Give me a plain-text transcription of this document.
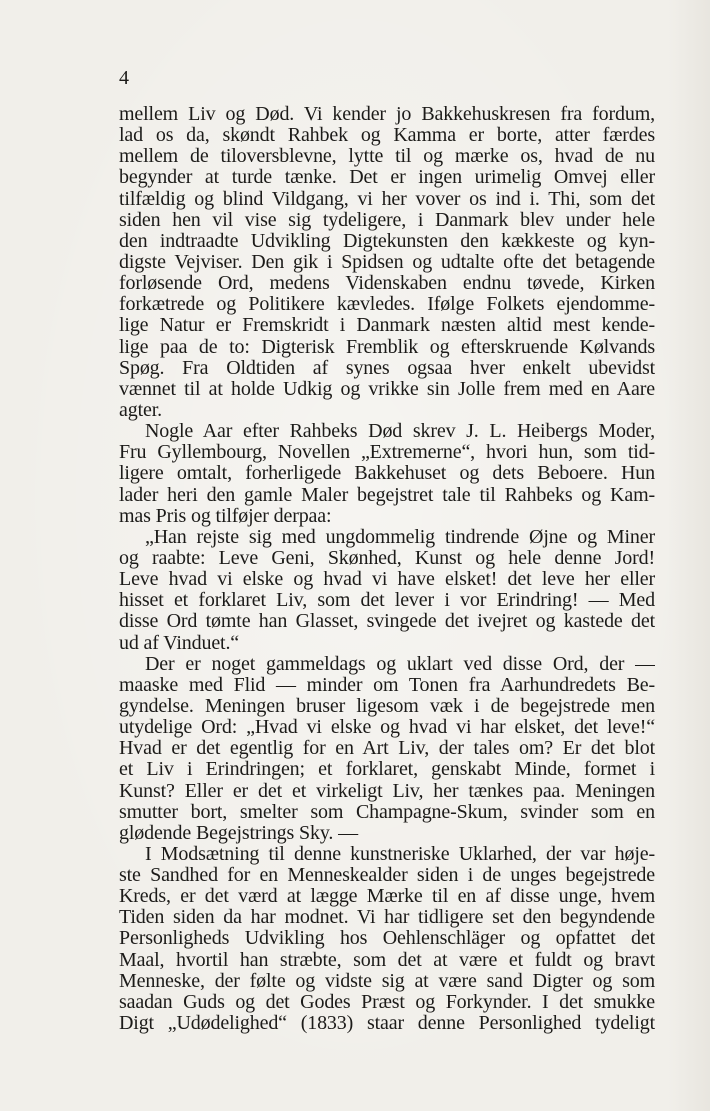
4

mellem Liv og Død. Vi kender jo Bakkehuskresen fra fordum,
lad os da, skøndt Rahbek og Kamma er borte, atter færdes
mellem de tiloversblevne, lytte til og mærke os, hvad de nu
begynder at turde tænke. Det er ingen urimelig Omvej eller
tilfældig og blind Vildgang, vi her vover os ind i. Thi, som det
siden hen vil vise sig tydeligere, i Danmark blev under hele
den indtraadte Udvikling Digtekunsten den kækkeste og kyn-
digste Vejviser. Den gik i Spidsen og udtalte ofte det betagende
forløsende Ord, medens Videnskaben endnu tøvede, Kirken
forkætrede og Politikere kævledes. Ifølge Folkets ejendomme-
lige Natur er Fremskridt i Danmark næsten altid mest kende-
lige paa de to: Digterisk Fremblik og efterskruende Kølvands
Spøg. Fra Oldtiden af synes ogsaa hver enkelt ubevidst
vænnet til at holde Udkig og vrikke sin Jolle frem med en Aare
agter.
Nogle Aar efter Rahbeks Død skrev J. L. Heibergs Moder,
Fru Gyllembourg, Novellen „Extremerne“, hvori hun, som tid-
ligere omtalt, forherligede Bakkehuset og dets Beboere. Hun
lader heri den gamle Maler begejstret tale til Rahbeks og Kam-
mas Pris og tilføjer derpaa:
„Han rejste sig med ungdommelig tindrende Øjne og Miner
og raabte: Leve Geni, Skønhed, Kunst og hele denne Jord!
Leve hvad vi elske og hvad vi have elsket! det leve her eller
hisset et forklaret Liv, som det lever i vor Erindring! — Med
disse Ord tømte han Glasset, svingede det ivejret og kastede det
ud af Vinduet.“
Der er noget gammeldags og uklart ved disse Ord, der —
maaske med Flid — minder om Tonen fra Aarhundredets Be-
gyndelse. Meningen bruser ligesom væk i de begejstrede men
utydelige Ord: „Hvad vi elske og hvad vi har elsket, det leve!“
Hvad er det egentlig for en Art Liv, der tales om? Er det blot
et Liv i Erindringen; et forklaret, genskabt Minde, formet i
Kunst? Eller er det et virkeligt Liv, her tænkes paa. Meningen
smutter bort, smelter som Champagne-Skum, svinder som en
glødende Begejstrings Sky. —
I Modsætning til denne kunstneriske Uklarhed, der var høje-
ste Sandhed for en Menneskealder siden i de unges begejstrede
Kreds, er det værd at lægge Mærke til en af disse unge, hvem
Tiden siden da har modnet. Vi har tidligere set den begyndende
Personligheds Udvikling hos Oehlenschläger og opfattet det
Maal, hvortil han stræbte, som det at være et fuldt og bravt
Menneske, der følte og vidste sig at være sand Digter og som
saadan Guds og det Godes Præst og Forkynder. I det smukke
Digt „Udødelighed“ (1833) staar denne Personlighed tydeligt
